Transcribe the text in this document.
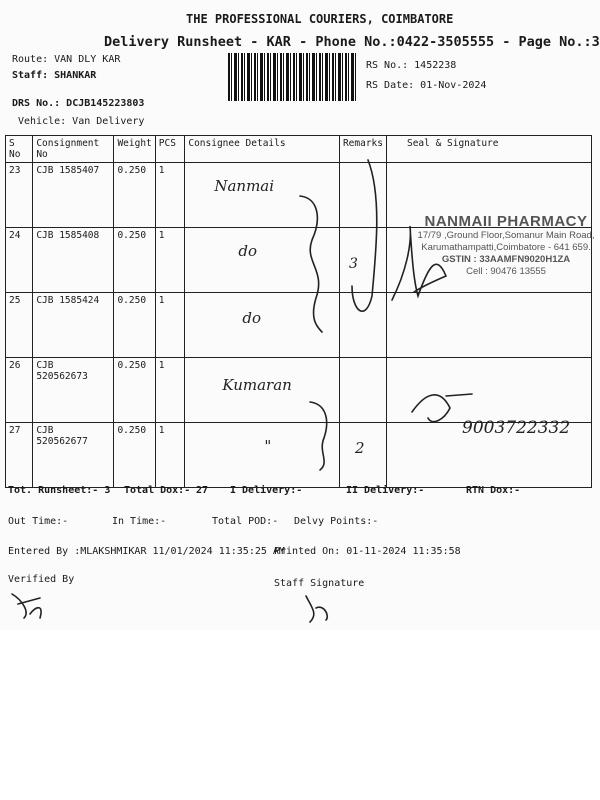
THE PROFESSIONAL COURIERS, COIMBATORE
Delivery Runsheet - KAR - Phone No.:0422-3505555 - Page No.:3
Route: VAN DLY KAR
Staff: SHANKAR
DRS No.: DCJB145223803
Vehicle: Van Delivery
RS No.: 1452238
RS Date: 01-Nov-2024
S No	Consignment No	Weight	PCS	Consignee Details	Remarks	Seal & Signature
23	CJB 1585407	0.250	1	Nanmai		

24	CJB 1585408	0.250	1	do	3	

25	CJB 1585424	0.250	1	do		

26	CJB 520562673	0.250	1	Kumaran		

27	CJB 520562677	0.250	1	"	2	

NANMAII PHARMACY
17/79 ,Ground Floor,Somanur Main Road,
Karumathampatti,Coimbatore - 641 659.
GSTIN : 33AAMFN9020H1ZA
Cell : 90476 13555
9003722332
Tot. Runsheet:- 3 Total Dox:- 27 I Delivery:-	II Delivery:-	RTN Dox:-
Out Time:-	In Time:-	Total POD:- Delvy Points:-
Entered By :MLAKSHMIKAR 11/01/2024 11:35:25 AM
Printed On: 01-11-2024 11:35:58
Verified By	Staff Signature
